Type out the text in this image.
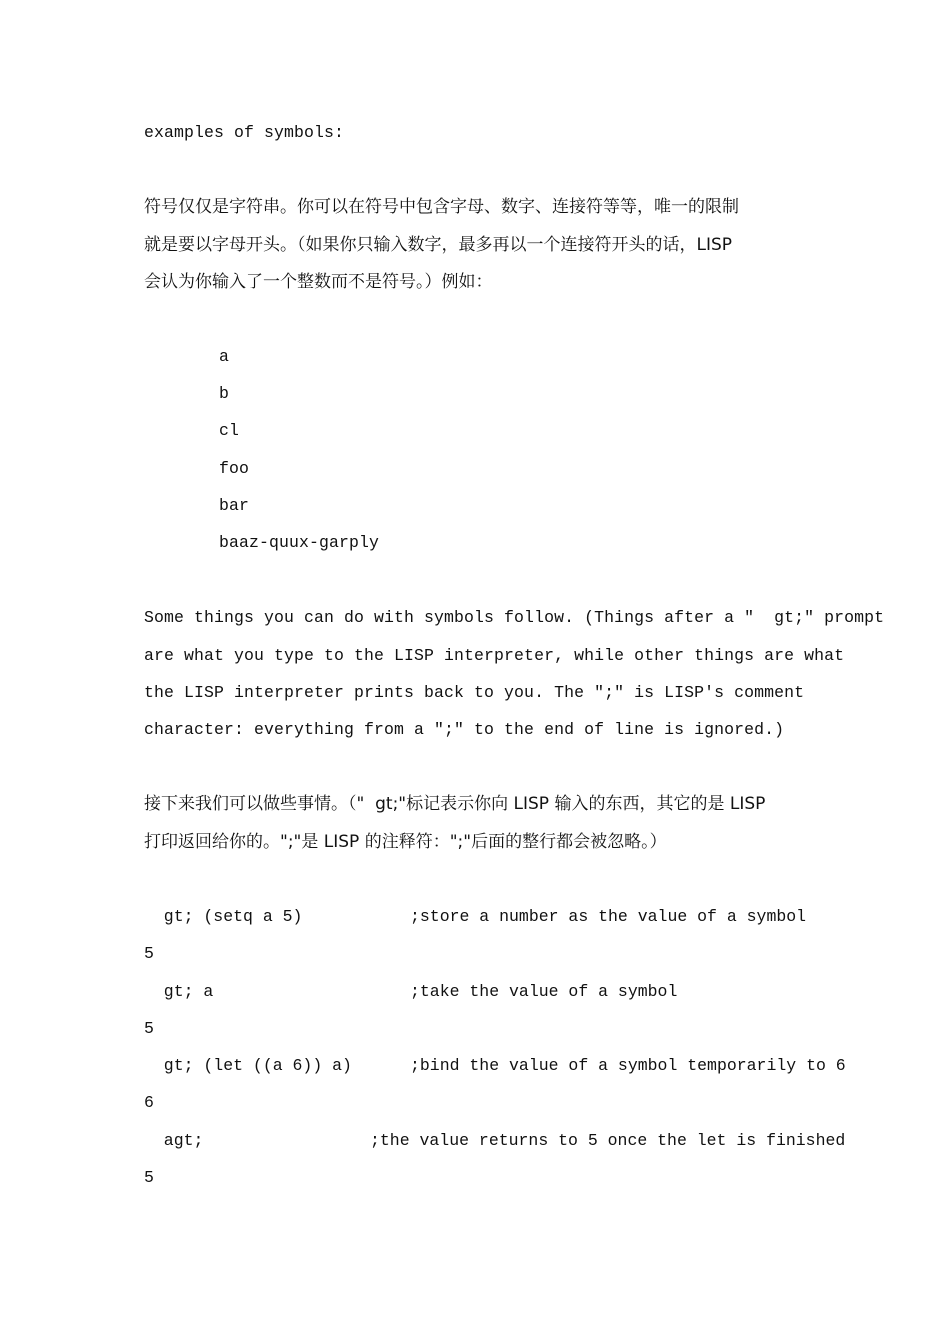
examples of symbols:
符号仅仅是字符串。你可以在符号中包含字母、数字、连接符等等，唯一的限制
就是要以字母开头。（如果你只输入数字，最多再以一个连接符开头的话，LISP
会认为你输入了一个整数而不是符号。）例如：
a
b
cl
foo
bar
baaz-quux-garply
Some things you can do with symbols follow. (Things after a "  gt;" prompt
are what you type to the LISP interpreter, while other things are what
the LISP interpreter prints back to you. The ";" is LISP's comment
character: everything from a ";" to the end of line is ignored.)
接下来我们可以做些事情。（"  gt;"标记表示你向 LISP 输入的东西，其它的是 LISP
打印返回给你的。";"是 LISP 的注释符：";"后面的整行都会被忽略。）
gt; (setq a 5)	;store a number as the value of a symbol
5
gt; a	;take the value of a symbol
5
gt; (let ((a 6)) a)	;bind the value of a symbol temporarily to 6
6
agt;	;the value returns to 5 once the let is finished
5
